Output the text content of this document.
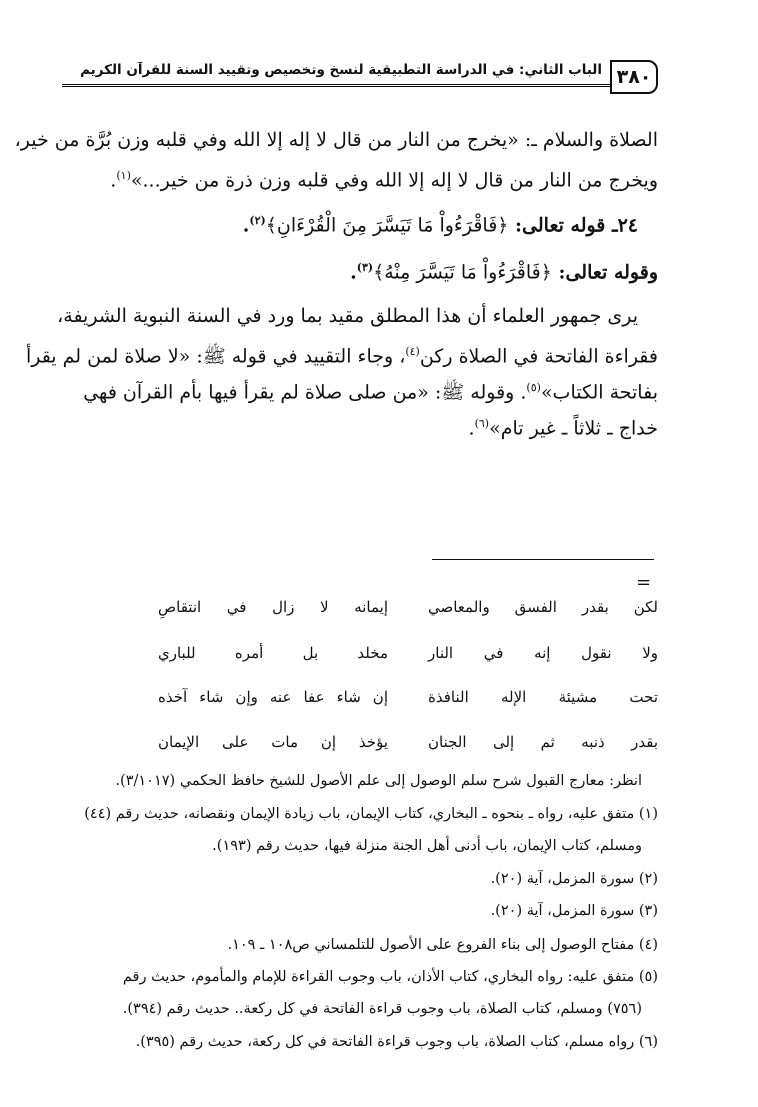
٣٨٠
الباب الثاني: في الدراسة التطبيقية لنسخ وتخصيص وتقييد السنة للقرآن الكريم
الصلاة والسلام ـ: «يخرج من النار من قال لا إله إلا الله وفي قلبه وزن بُرَّة من خير،
ويخرج من النار من قال لا إله إلا الله وفي قلبه وزن ذرة من خير...»$^{(١)}$.
٢٤ـ قوله تعالى: ﴿فَاقْرَءُواْ مَا تَيَسَّرَ مِنَ الْقُرْءَانِ﴾$^{(٢)}$.
وقوله تعالى: ﴿فَاقْرَءُواْ مَا تَيَسَّرَ مِنْهُ﴾$^{(٣)}$.
يرى جمهور العلماء أن هذا المطلق مقيد بما ورد في السنة النبوية الشريفة،
فقراءة الفاتحة في الصلاة ركن$^{(٤)}$، وجاء التقييد في قوله ﷺ: «لا صلاة لمن لم يقرأ
بفاتحة الكتاب»$^{(٥)}$. وقوله ﷺ: «من صلى صلاة لم يقرأ فيها بأم القرآن فهي
خداج ـ ثلاثاً ـ غير تام»$^{(٦)}$.
=
لكن بقدر الفسق والمعاصي
إيمانه لا زال في انتقاصِ
ولا نقول إنه في النار
مخلد بل أمره للباري
تحت مشيئة الإله النافذة
إن شاء عفا عنه وإن شاء آخذه
بقدر ذنبه ثم إلى الجنان
يؤخذ إن مات على الإيمان
انظر: معارج القبول شرح سلم الوصول إلى علم الأصول للشيخ حافظ الحكمي (٣/١٠١٧).
(١) متفق عليه، رواه ـ بنحوه ـ البخاري، كتاب الإيمان، باب زيادة الإيمان ونقصانه، حديث رقم (٤٤)
ومسلم، كتاب الإيمان، باب أدنى أهل الجنة منزلة فيها، حديث رقم (١٩٣).
(٢) سورة المزمل، آية (٢٠).
(٣) سورة المزمل، آية (٢٠).
(٤) مفتاح الوصول إلى بناء الفروع على الأصول للتلمساني ص١٠٨ ـ ١٠٩.
(٥) متفق عليه: رواه البخاري، كتاب الأذان، باب وجوب القراءة للإمام والمأموم، حديث رقم
(٧٥٦) ومسلم، كتاب الصلاة، باب وجوب قراءة الفاتحة في كل ركعة.. حديث رقم (٣٩٤).
(٦) رواه مسلم، كتاب الصلاة، باب وجوب قراءة الفاتحة في كل ركعة، حديث رقم (٣٩٥).
